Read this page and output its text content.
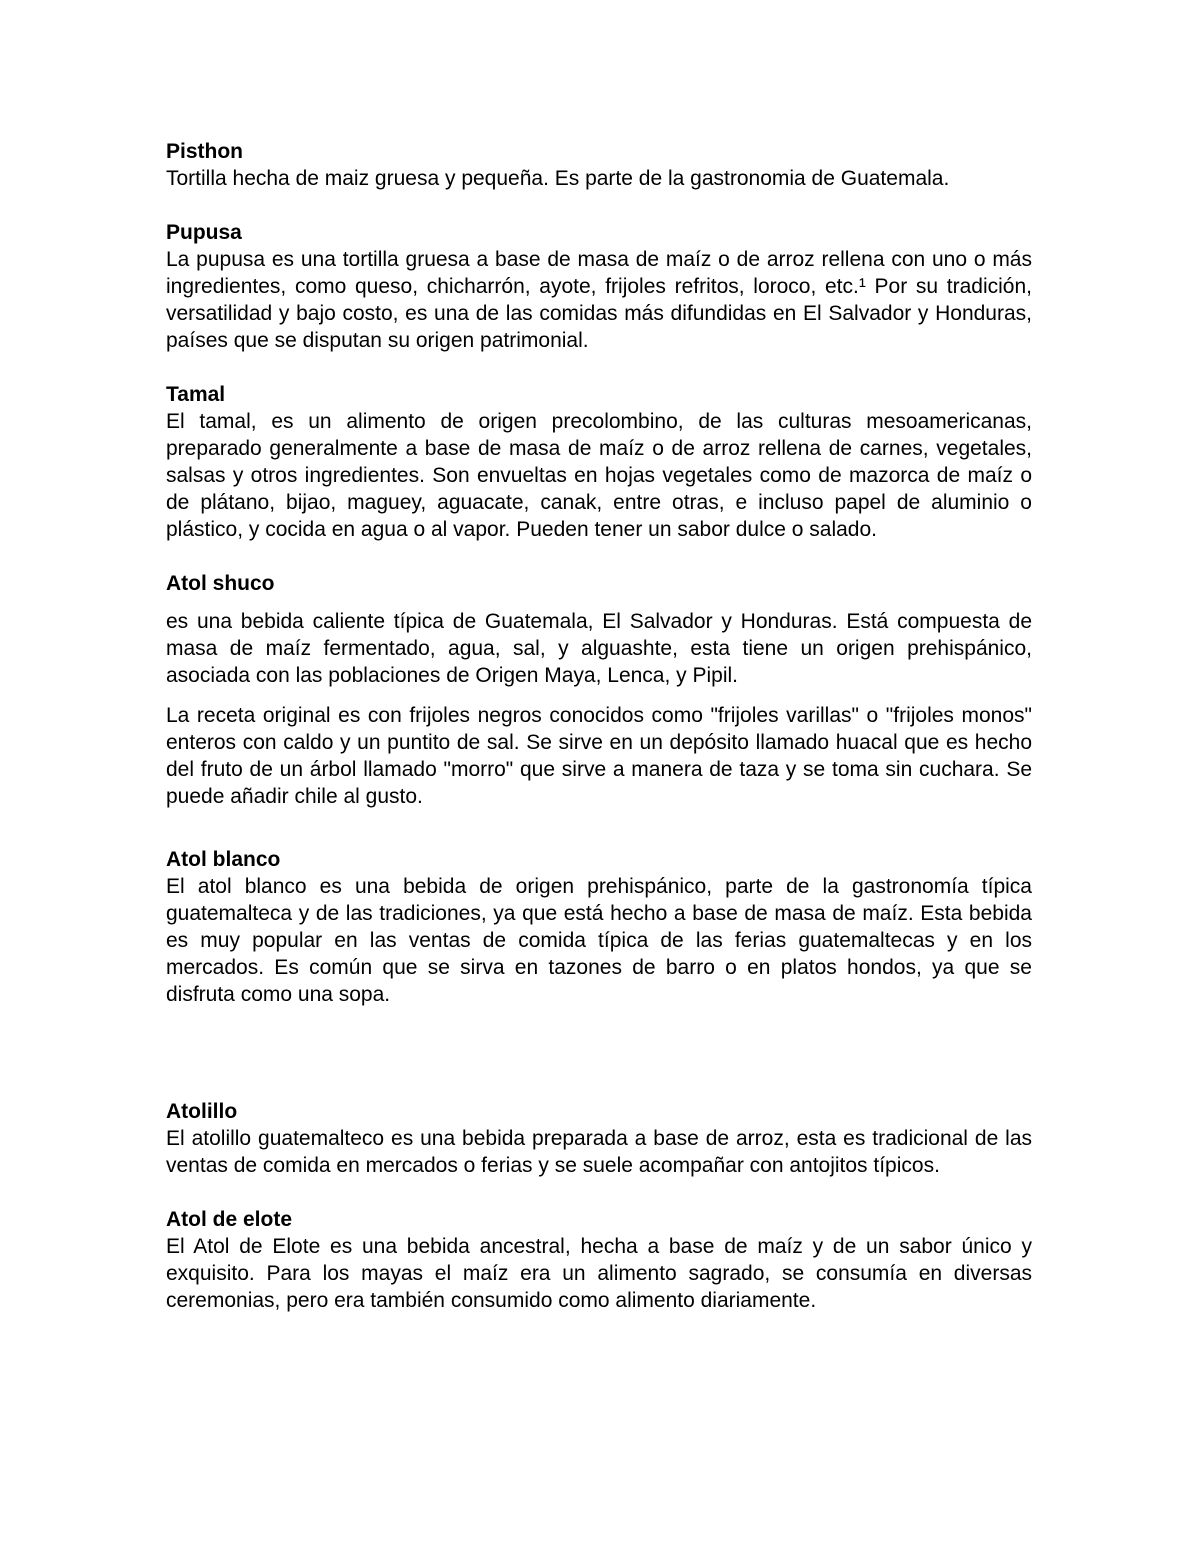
Pisthon

Tortilla hecha de maiz gruesa y pequeña. Es parte de la gastronomia de Guatemala.

Pupusa

La pupusa es una tortilla gruesa a base de masa de maíz o de arroz rellena con uno o más ingredientes, como queso, chicharrón, ayote, frijoles refritos, loroco, etc.¹ Por su tradición, versatilidad y bajo costo, es una de las comidas más difundidas en El Salvador y Honduras, países que se disputan su origen patrimonial.

Tamal

El tamal, es un alimento de origen precolombino, de las culturas mesoamericanas, preparado generalmente a base de masa de maíz o de arroz rellena de carnes, vegetales, salsas y otros ingredientes. Son envueltas en hojas vegetales como de mazorca de maíz o de plátano, bijao, maguey, aguacate, canak, entre otras, e incluso papel de aluminio o plástico, y cocida en agua o al vapor. Pueden tener un sabor dulce o salado.

Atol shuco

es una bebida caliente típica de Guatemala, El Salvador y Honduras. Está compuesta de masa de maíz fermentado, agua, sal, y alguashte, esta tiene un origen prehispánico, asociada con las poblaciones de Origen Maya, Lenca, y Pipil.

La receta original es con frijoles negros conocidos como "frijoles varillas" o "frijoles monos" enteros con caldo y un puntito de sal. Se sirve en un depósito llamado huacal que es hecho del fruto de un árbol llamado "morro" que sirve a manera de taza y se toma sin cuchara. Se puede añadir chile al gusto.

Atol blanco

El atol blanco es una bebida de origen prehispánico, parte de la gastronomía típica guatemalteca y de las tradiciones, ya que está hecho a base de masa de maíz. Esta bebida es muy popular en las ventas de comida típica de las ferias guatemaltecas y en los mercados. Es común que se sirva en tazones de barro o en platos hondos, ya que se disfruta como una sopa.

Atolillo

El atolillo guatemalteco es una bebida preparada a base de arroz, esta es tradicional de las ventas de comida en mercados o ferias y se suele acompañar con antojitos típicos.

Atol de elote

El Atol de Elote es una bebida ancestral, hecha a base de maíz y de un sabor único y exquisito. Para los mayas el maíz era un alimento sagrado, se consumía en diversas ceremonias, pero era también consumido como alimento diariamente.
